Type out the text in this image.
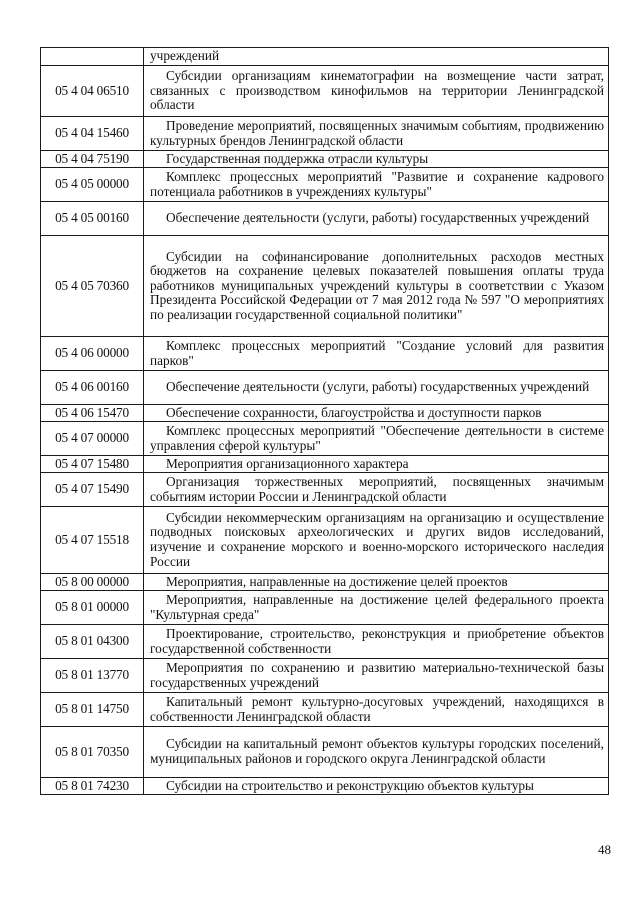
	учреждений
05 4 04 06510	Субсидии организациям кинематографии на возмещение части затрат, связанных с производством кинофильмов на территории Ленинградской области
05 4 04 15460	Проведение мероприятий, посвященных значимым событиям, продвижению культурных брендов Ленинградской области
05 4 04 75190	Государственная поддержка отрасли культуры
05 4 05 00000	Комплекс процессных мероприятий "Развитие и сохранение кадрового потенциала работников в учреждениях культуры"
05 4 05 00160	Обеспечение деятельности (услуги, работы) государственных учреждений
05 4 05 70360	Субсидии на софинансирование дополнительных расходов местных бюджетов на сохранение целевых показателей повышения оплаты труда работников муниципальных учреждений культуры в соответствии с Указом Президента Российской Федерации от 7 мая 2012 года № 597 "О мероприятиях по реализации государственной социальной политики"
05 4 06 00000	Комплекс процессных мероприятий "Создание условий для развития парков"
05 4 06 00160	Обеспечение деятельности (услуги, работы) государственных учреждений
05 4 06 15470	Обеспечение сохранности, благоустройства и доступности парков
05 4 07 00000	Комплекс процессных мероприятий "Обеспечение деятельности в системе управления сферой культуры"
05 4 07 15480	Мероприятия организационного характера
05 4 07 15490	Организация торжественных мероприятий, посвященных значимым событиям истории России и Ленинградской области
05 4 07 15518	Субсидии некоммерческим организациям на организацию и осуществление подводных поисковых археологических и других видов исследований, изучение и сохранение морского и военно-морского исторического наследия России
05 8 00 00000	Мероприятия, направленные на достижение целей проектов
05 8 01 00000	Мероприятия, направленные на достижение целей федерального проекта "Культурная среда"
05 8 01 04300	Проектирование, строительство, реконструкция и приобретение объектов государственной собственности
05 8 01 13770	Мероприятия по сохранению и развитию материально-технической базы государственных учреждений
05 8 01 14750	Капитальный ремонт культурно-досуговых учреждений, находящихся в собственности Ленинградской области
05 8 01 70350	Субсидии на капитальный ремонт объектов культуры городских поселений, муниципальных районов и городского округа Ленинградской области
05 8 01 74230	Субсидии на строительство и реконструкцию объектов культуры
48
